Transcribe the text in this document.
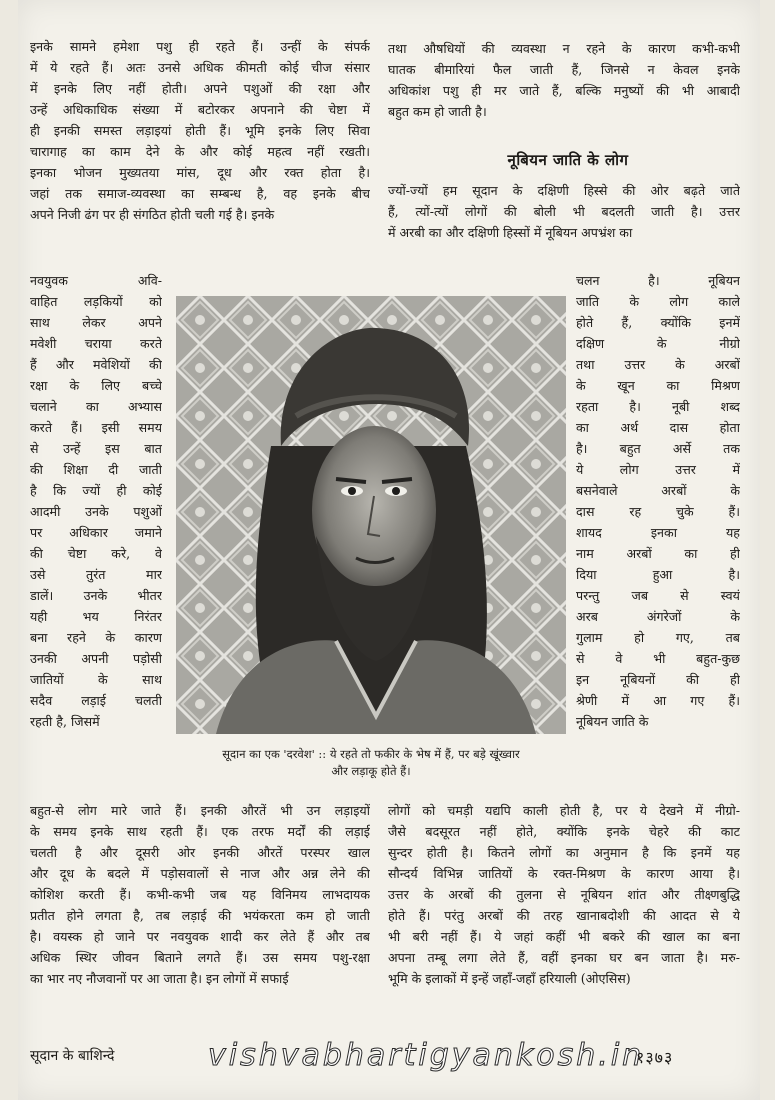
इनके सामने हमेशा पशु ही रहते हैं। उन्हीं के संपर्क
में ये रहते हैं। अतः उनसे अधिक कीमती कोई चीज संसार
में इनके लिए नहीं होती। अपने पशुओं की रक्षा और
उन्हें अधिकाधिक संख्या में बटोरकर अपनाने की चेष्टा में
ही इनकी समस्त लड़ाइयां होती हैं। भूमि इनके लिए सिवा
चारागाह का काम देने के और कोई महत्व नहीं रखती।
इनका भोजन मुख्यतया मांस, दूध और रक्त होता है।
जहां तक समाज-व्यवस्था का सम्बन्ध है, वह इनके बीच
अपने निजी ढंग पर ही संगठित होती चली गई है। इनके
तथा औषधियों की व्यवस्था न रहने के कारण कभी-कभी
घातक बीमारियां फैल जाती हैं, जिनसे न केवल इनके
अधिकांश पशु ही मर जाते हैं, बल्कि मनुष्यों की भी आबादी
बहुत कम हो जाती है।
नूबियन जाति के लोग
ज्यों-ज्यों हम सूदान के दक्षिणी हिस्से की ओर बढ़ते जाते
हैं, त्यों-त्यों लोगों की बोली भी बदलती जाती है। उत्तर
में अरबी का और दक्षिणी हिस्सों में नूबियन अपभ्रंश का
नवयुवक अवि-
वाहित लड़कियों को
साथ लेकर अपने
मवेशी चराया करते
हैं और मवेशियों की
रक्षा के लिए बच्चे
चलाने का अभ्यास
करते हैं। इसी समय
से उन्हें इस बात
की शिक्षा दी जाती
है कि ज्यों ही कोई
आदमी उनके पशुओं
पर अधिकार जमाने
की चेष्टा करे, वे
उसे तुरंत मार
डालें। उनके भीतर
यही भय निरंतर
बना रहने के कारण
उनकी अपनी पड़ोसी
जातियों के साथ
सदैव लड़ाई चलती
रहती है, जिसमें
सूदान का एक 'दरवेश' :: ये रहते तो फकीर के भेष में हैं, पर बड़े खूंख्वार
और लड़ाकू होते हैं।
चलन है। नूबियन
जाति के लोग काले
होते हैं, क्योंकि इनमें
दक्षिण के नीग्रो
तथा उत्तर के अरबों
के खून का मिश्रण
रहता है। नूबी शब्द
का अर्थ दास होता
है। बहुत अर्से तक
ये लोग उत्तर में
बसनेवाले अरबों के
दास रह चुके हैं।
शायद इनका यह
नाम अरबों का ही
दिया हुआ है।
परन्तु जब से स्वयं
अरब अंगरेजों के
गुलाम हो गए, तब
से वे भी बहुत-कुछ
इन नूबियनों की ही
श्रेणी में आ गए हैं।
नूबियन जाति के
बहुत-से लोग मारे जाते हैं। इनकी औरतें भी उन लड़ाइयों
के समय इनके साथ रहती हैं। एक तरफ मर्दों की लड़ाई
चलती है और दूसरी ओर इनकी औरतें परस्पर खाल
और दूध के बदले में पड़ोसवालों से नाज और अन्न लेने की
कोशिश करती हैं। कभी-कभी जब यह विनिमय लाभदायक
प्रतीत होने लगता है, तब लड़ाई की भयंकरता कम हो जाती
है। वयस्क हो जाने पर नवयुवक शादी कर लेते हैं और तब
अधिक स्थिर जीवन बिताने लगते हैं। उस समय पशु-रक्षा
का भार नए नौजवानों पर आ जाता है। इन लोगों में सफाई
लोगों को चमड़ी यद्यपि काली होती है, पर ये देखने में नीग्रो-
जैसे बदसूरत नहीं होते, क्योंकि इनके चेहरे की काट
सुन्दर होती है। कितने लोगों का अनुमान है कि इनमें यह
सौन्दर्य विभिन्न जातियों के रक्त-मिश्रण के कारण आया है।
उत्तर के अरबों की तुलना से नूबियन शांत और तीक्ष्णबुद्धि
होते हैं। परंतु अरबों की तरह खानाबदोशी की आदत से ये
भी बरी नहीं हैं। ये जहां कहीं भी बकरे की खाल का बना
अपना तम्बू लगा लेते हैं, वहीं इनका घर बन जाता है। मरु-
भूमि के इलाकों में इन्हें जहाँ-जहाँ हरियाली (ओएसिस)
सूदान के बाशिन्दे	vishvabhartigyankosh.in
१३७३
